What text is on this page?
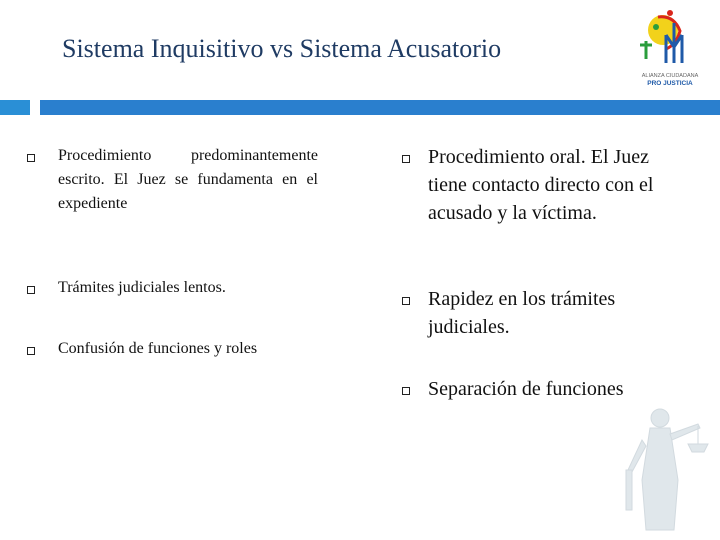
Sistema Inquisitivo vs Sistema Acusatorio
ALIANZA CIUDADANA
PRO JUSTICIA
Procedimiento predominantemente escrito. El Juez se fundamenta en el expediente
Trámites judiciales lentos.
Confusión de funciones y roles
Procedimiento oral. El Juez tiene contacto directo con el acusado y la víctima.
Rapidez en los trámites judiciales.
Separación de funciones
